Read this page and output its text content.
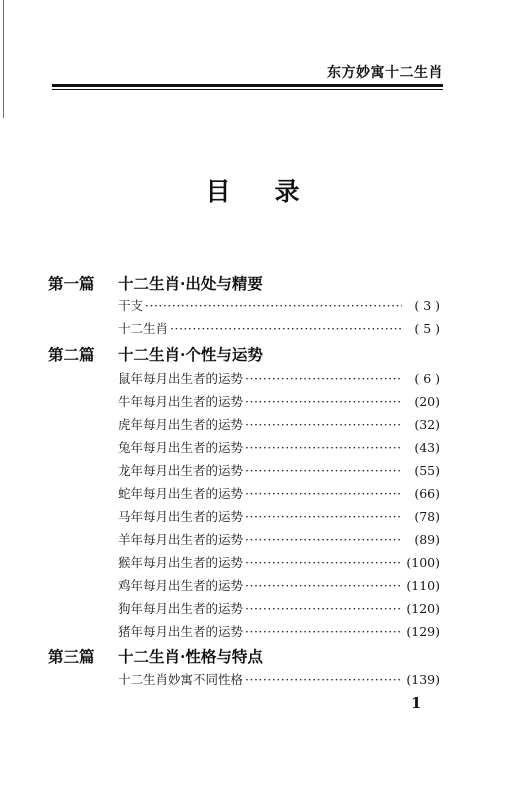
东方妙寓十二生肖
目录
第一篇 十二生肖·出处与精要
干支 ·····	( 3 )
十二生肖 ·····	( 5 )
第二篇 十二生肖·个性与运势
鼠年每月出生者的运势 ·····	( 6 )
牛年每月出生者的运势 ·····	(20)
虎年每月出生者的运势 ·····	(32)
兔年每月出生者的运势 ·····	(43)
龙年每月出生者的运势 ·····	(55)
蛇年每月出生者的运势 ·····	(66)
马年每月出生者的运势 ·····	(78)
羊年每月出生者的运势 ·····	(89)
猴年每月出生者的运势 ·····	(100)
鸡年每月出生者的运势 ·····	(110)
狗年每月出生者的运势 ·····	(120)
猪年每月出生者的运势 ·····	(129)
第三篇 十二生肖·性格与特点
十二生肖妙寓不同性格 ·····	(139)
1
